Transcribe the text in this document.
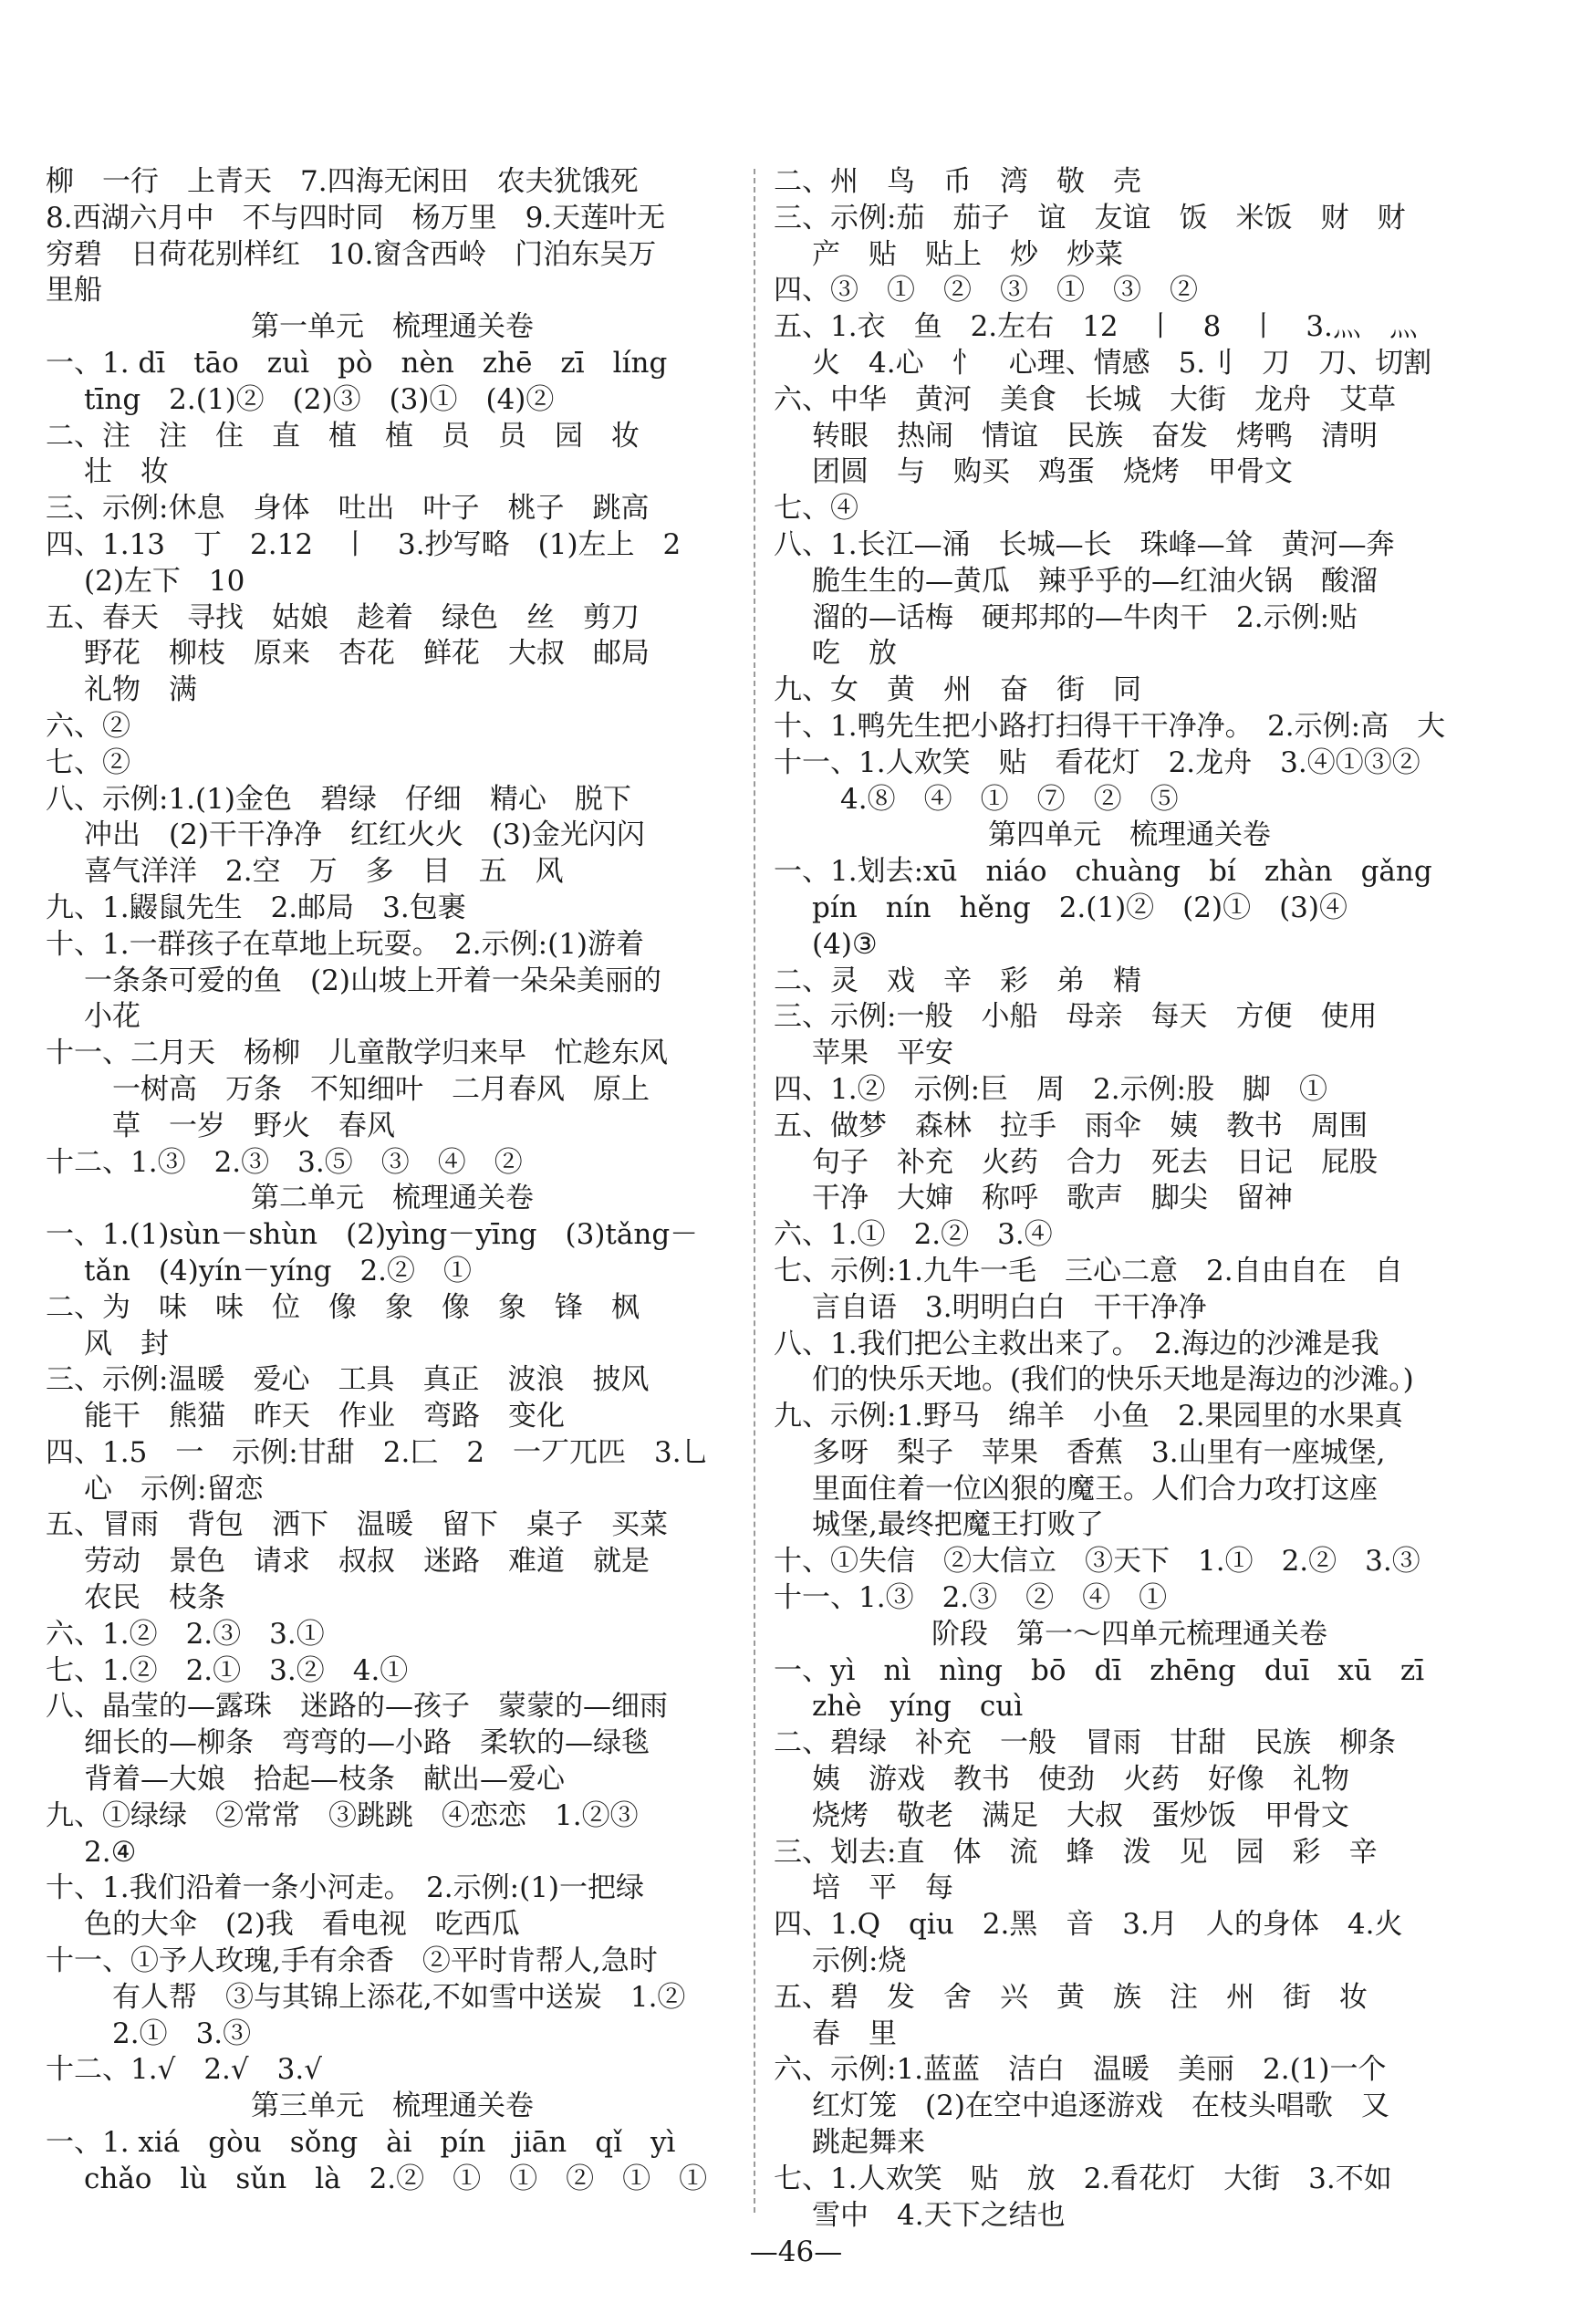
柳　一行　上青天　7.四海无闲田　农夫犹饿死
8.西湖六月中　不与四时同　杨万里　9.天莲叶无
穷碧　日荷花别样红　10.窗含西岭　门泊东吴万
里船
第一单元　梳理通关卷
一、1. dī　tāo　zuì　pò　nèn　zhē　zī　líng
tīng　2.(1)②　(2)③　(3)①　(4)②
二、注　注　住　直　植　植　员　员　园　妆
壮　妆
三、示例:休息　身体　吐出　叶子　桃子　跳高
四、1.13　丁　2.12　丨　3.抄写略　(1)左上　2
(2)左下　10
五、春天　寻找　姑娘　趁着　绿色　丝　剪刀
野花　柳枝　原来　杏花　鲜花　大叔　邮局
礼物　满
六、②
七、②
八、示例:1.(1)金色　碧绿　仔细　精心　脱下
冲出　(2)干干净净　红红火火　(3)金光闪闪
喜气洋洋　2.空　万　多　目　五　风
九、1.鼹鼠先生　2.邮局　3.包裹
十、1.一群孩子在草地上玩耍。　2.示例:(1)游着
一条条可爱的鱼　(2)山坡上开着一朵朵美丽的
小花
十一、二月天　杨柳　儿童散学归来早　忙趁东风
　一树高　万条　不知细叶　二月春风　原上
　草　一岁　野火　春风
十二、1.③　2.③　3.⑤　③　④　②
第二单元　梳理通关卷
一、1.(1)sùn－shùn　(2)yìng－yīng　(3)tǎng－
tǎn　(4)yín－yíng　2.②　①
二、为　味　味　位　像　象　像　象　锋　枫
风　封
三、示例:温暖　爱心　工具　真正　波浪　披风
能干　熊猫　昨天　作业　弯路　变化
四、1.5　一　示例:甘甜　2.匚　2　一丆兀匹　3.乚
心　示例:留恋
五、冒雨　背包　洒下　温暖　留下　桌子　买菜
劳动　景色　请求　叔叔　迷路　难道　就是
农民　枝条
六、1.②　2.③　3.①
七、1.②　2.①　3.②　4.①
八、晶莹的—露珠　迷路的—孩子　蒙蒙的—细雨
细长的—柳条　弯弯的—小路　柔软的—绿毯
背着—大娘　拾起—枝条　献出—爱心
九、①绿绿　②常常　③跳跳　④恋恋　1.②③
2.④
十、1.我们沿着一条小河走。　2.示例:(1)一把绿
色的大伞　(2)我　看电视　吃西瓜
十一、①予人玫瑰,手有余香　②平时肯帮人,急时
　有人帮　③与其锦上添花,不如雪中送炭　1.②
　2.①　3.③
十二、1.√　2.√　3.√
第三单元　梳理通关卷
一、1. xiá　gòu　sǒng　ài　pín　jiān　qǐ　yì
chǎo　lù　sǔn　là　2.②　①　①　②　①　①
二、州　鸟　币　湾　敬　壳
三、示例:茄　茄子　谊　友谊　饭　米饭　财　财
产　贴　贴上　炒　炒菜
四、③　①　②　③　①　③　②
五、1.衣　鱼　2.左右　12　丨　8　丨　3.灬　灬
火　4.心　忄　心理、情感　5.刂　刀　刀、切割
六、中华　黄河　美食　长城　大街　龙舟　艾草
转眼　热闹　情谊　民族　奋发　烤鸭　清明
团圆　与　购买　鸡蛋　烧烤　甲骨文
七、④
八、1.长江—涌　长城—长　珠峰—耸　黄河—奔
脆生生的—黄瓜　辣乎乎的—红油火锅　酸溜
溜的—话梅　硬邦邦的—牛肉干　2.示例:贴
吃　放
九、女　黄　州　奋　街　同
十、1.鸭先生把小路打扫得干干净净。　2.示例:高　大
十一、1.人欢笑　贴　看花灯　2.龙舟　3.④①③②
　4.⑧　④　①　⑦　②　⑤
第四单元　梳理通关卷
一、1.划去:xū　niáo　chuàng　bí　zhàn　gǎng
pín　nín　hěng　2.(1)②　(2)①　(3)④
(4)③
二、灵　戏　辛　彩　弟　精
三、示例:一般　小船　母亲　每天　方便　使用
苹果　平安
四、1.②　示例:巨　周　2.示例:股　脚　①
五、做梦　森林　拉手　雨伞　姨　教书　周围
句子　补充　火药　合力　死去　日记　屁股
干净　大婶　称呼　歌声　脚尖　留神
六、1.①　2.②　3.④
七、示例:1.九牛一毛　三心二意　2.自由自在　自
言自语　3.明明白白　干干净净
八、1.我们把公主救出来了。　2.海边的沙滩是我
们的快乐天地。(我们的快乐天地是海边的沙滩。)
九、示例:1.野马　绵羊　小鱼　2.果园里的水果真
多呀　梨子　苹果　香蕉　3.山里有一座城堡,
里面住着一位凶狠的魔王。人们合力攻打这座
城堡,最终把魔王打败了
十、①失信　②大信立　③天下　1.①　2.②　3.③
十一、1.③　2.③　②　④　①
阶段　第一～四单元梳理通关卷
一、yì　nì　nìng　bō　dī　zhēng　duī　xū　zī
zhè　yíng　cuì
二、碧绿　补充　一般　冒雨　甘甜　民族　柳条
姨　游戏　教书　使劲　火药　好像　礼物
烧烤　敬老　满足　大叔　蛋炒饭　甲骨文
三、划去:直　体　流　蜂　泼　见　园　彩　辛
培　平　每
四、1.Q　qiu　2.黑　音　3.月　人的身体　4.火
示例:烧
五、碧　发　舍　兴　黄　族　注　州　街　妆
春　里
六、示例:1.蓝蓝　洁白　温暖　美丽　2.(1)一个
红灯笼　(2)在空中追逐游戏　在枝头唱歌　又
跳起舞来
七、1.人欢笑　贴　放　2.看花灯　大街　3.不如
雪中　4.天下之结也
—46—
